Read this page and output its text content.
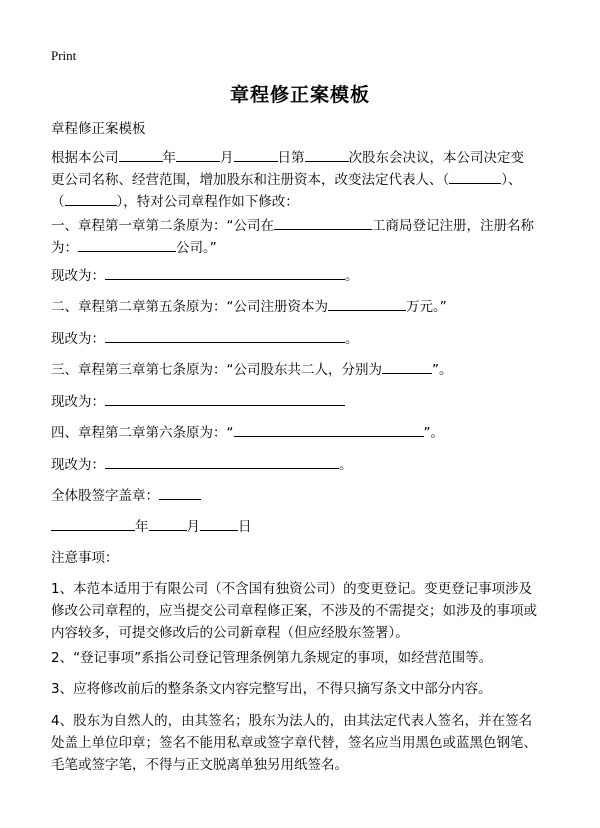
Print
章程修正案模板
章程修正案模板
根据本公司	年	月	日第	次股东会决议，本公司决定变
更公司名称、经营范围，增加股东和注册资本，改变法定代表人、（	）、
（	），特对公司章程作如下修改：
一、章程第一章第二条原为：“公司在	工商局登记注册，注册名称
为：	公司。”
现改为：	。
二、章程第二章第五条原为：“公司注册资本为	万元。”
现改为：	。
三、章程第三章第七条原为：“公司股东共二人，分别为	”。
现改为：
四、章程第二章第六条原为：“	”。
现改为：	。
全体股签字盖章：
年	月	日
注意事项：
1、本范本适用于有限公司（不含国有独资公司）的变更登记。变更登记事项涉及
修改公司章程的，应当提交公司章程修正案，不涉及的不需提交；如涉及的事项或
内容较多，可提交修改后的公司新章程（但应经股东签署）。
2、“登记事项”系指公司登记管理条例第九条规定的事项，如经营范围等。
3、应将修改前后的整条条文内容完整写出，不得只摘写条文中部分内容。
4、股东为自然人的，由其签名；股东为法人的，由其法定代表人签名，并在签名
处盖上单位印章；签名不能用私章或签字章代替，签名应当用黑色或蓝黑色钢笔、
毛笔或签字笔，不得与正文脱离单独另用纸签名。
